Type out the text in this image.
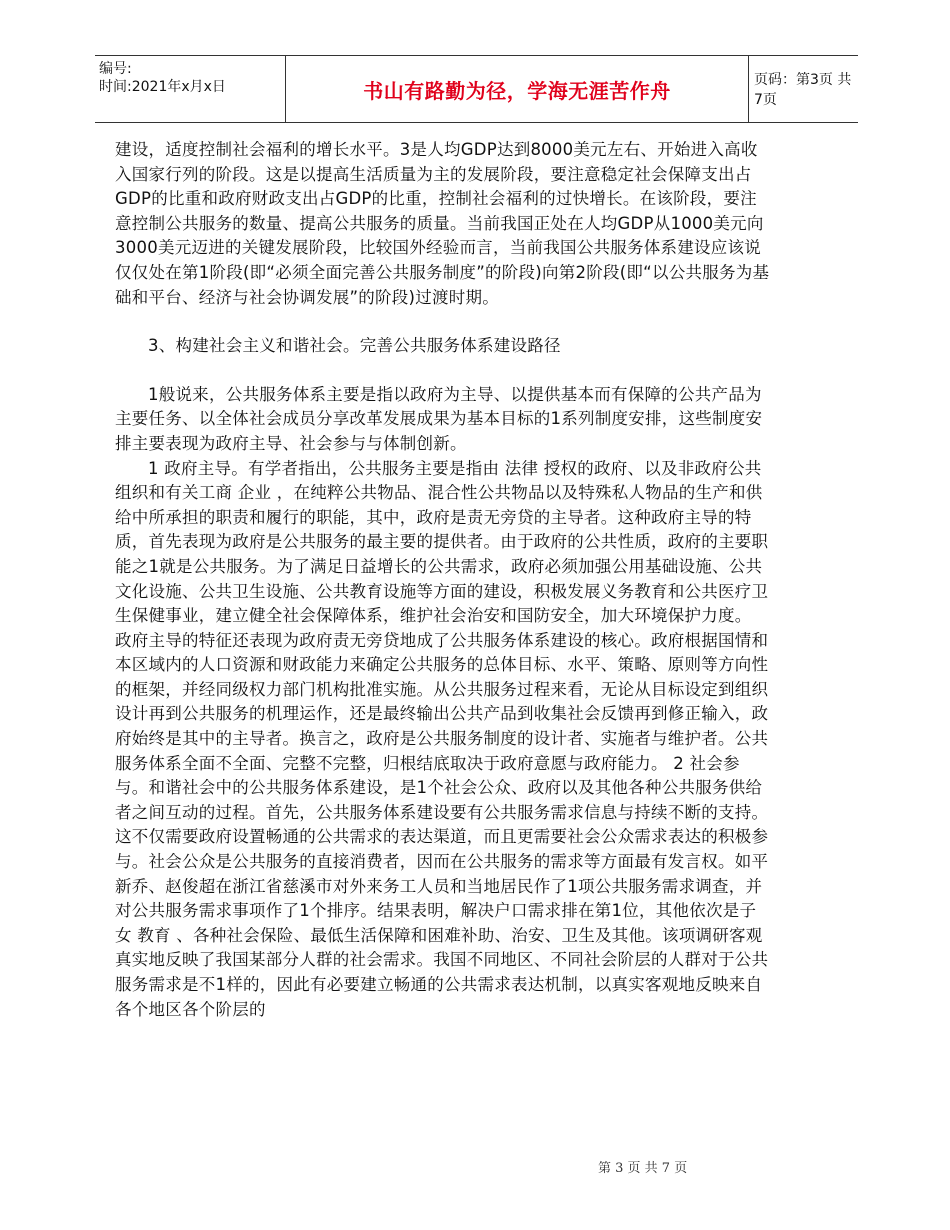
编号:
时间:2021年x月x日	书山有路勤为径，学海无涯苦作舟	页码：第3页 共7页

建设，适度控制社会福利的增长水平。3是人均GDP达到8000美元左右、开始进入高收入国家行列的阶段。这是以提高生活质量为主的发展阶段，要注意稳定社会保障支出占GDP的比重和政府财政支出占GDP的比重，控制社会福利的过快增长。在该阶段，要注意控制公共服务的数量、提高公共服务的质量。当前我国正处在人均GDP从1000美元向3000美元迈进的关键发展阶段，比较国外经验而言，当前我国公共服务体系建设应该说仅仅处在第1阶段(即“必须全面完善公共服务制度”的阶段)向第2阶段(即“以公共服务为基础和平台、经济与社会协调发展”的阶段)过渡时期。

3、构建社会主义和谐社会。完善公共服务体系建设路径

1般说来，公共服务体系主要是指以政府为主导、以提供基本而有保障的公共产品为主要任务、以全体社会成员分享改革发展成果为基本目标的1系列制度安排，这些制度安排主要表现为政府主导、社会参与与体制创新。

1 政府主导。有学者指出，公共服务主要是指由 法律 授权的政府、以及非政府公共组织和有关工商 企业 ，在纯粹公共物品、混合性公共物品以及特殊私人物品的生产和供给中所承担的职责和履行的职能，其中，政府是责无旁贷的主导者。这种政府主导的特质，首先表现为政府是公共服务的最主要的提供者。由于政府的公共性质，政府的主要职能之1就是公共服务。为了满足日益增长的公共需求，政府必须加强公用基础设施、公共文化设施、公共卫生设施、公共教育设施等方面的建设，积极发展义务教育和公共医疗卫生保健事业，建立健全社会保障体系，维护社会治安和国防安全，加大环境保护力度。 政府主导的特征还表现为政府责无旁贷地成了公共服务体系建设的核心。政府根据国情和本区域内的人口资源和财政能力来确定公共服务的总体目标、水平、策略、原则等方向性的框架，并经同级权力部门机构批准实施。从公共服务过程来看，无论从目标设定到组织设计再到公共服务的机理运作，还是最终输出公共产品到收集社会反馈再到修正输入，政府始终是其中的主导者。换言之，政府是公共服务制度的设计者、实施者与维护者。公共服务体系全面不全面、完整不完整，归根结底取决于政府意愿与政府能力。 2 社会参与。和谐社会中的公共服务体系建设，是1个社会公众、政府以及其他各种公共服务供给者之间互动的过程。首先，公共服务体系建设要有公共服务需求信息与持续不断的支持。这不仅需要政府设置畅通的公共需求的表达渠道，而且更需要社会公众需求表达的积极参与。社会公众是公共服务的直接消费者，因而在公共服务的需求等方面最有发言权。如平新乔、赵俊超在浙江省慈溪市对外来务工人员和当地居民作了1项公共服务需求调查，并对公共服务需求事项作了1个排序。结果表明，解决户口需求排在第1位，其他依次是子女 教育 、各种社会保险、最低生活保障和困难补助、治安、卫生及其他。该项调研客观真实地反映了我国某部分人群的社会需求。我国不同地区、不同社会阶层的人群对于公共服务需求是不1样的，因此有必要建立畅通的公共需求表达机制，以真实客观地反映来自各个地区各个阶层的

第 3 页 共 7 页
